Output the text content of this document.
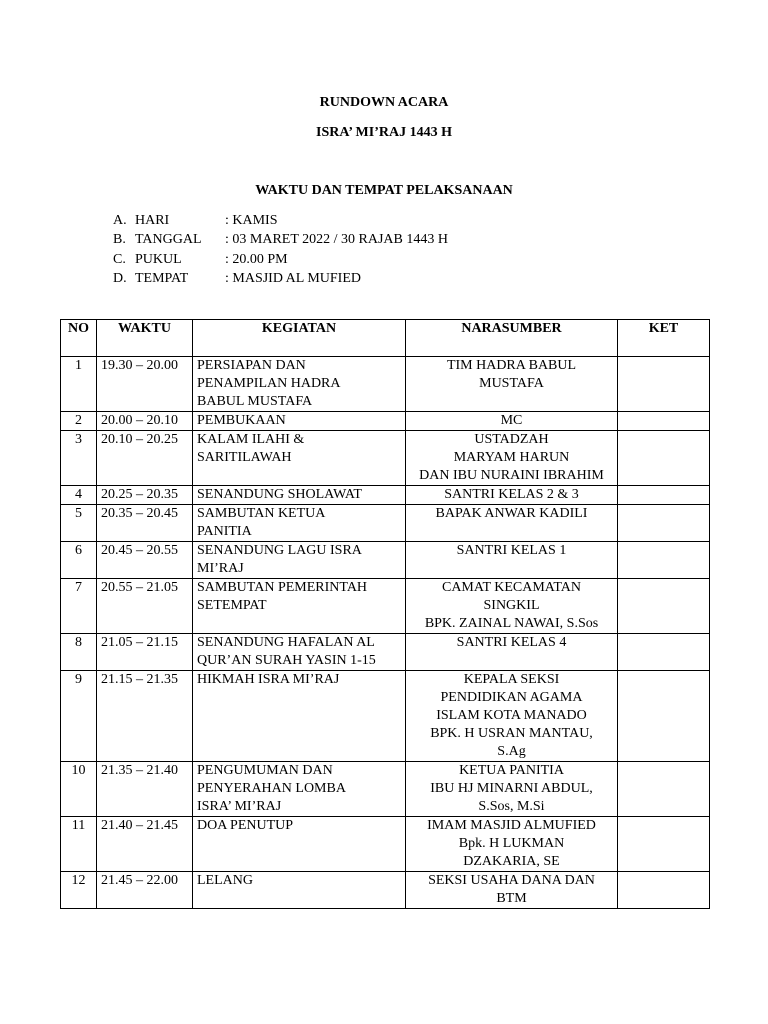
RUNDOWN ACARA
ISRA’ MI’RAJ 1443 H
WAKTU DAN TEMPAT PELAKSANAAN
A. HARI	: KAMIS
B. TANGGAL	: 03 MARET 2022 / 30 RAJAB 1443 H
C. PUKUL	: 20.00 PM
D. TEMPAT	: MASJID AL MUFIED
NO	WAKTU	KEGIATAN	NARASUMBER	KET
1	19.30 – 20.00	PERSIAPAN DAN
PENAMPILAN HADRA
BABUL MUSTAFA	TIM HADRA BABUL
MUSTAFA	
2	20.00 – 20.10	PEMBUKAAN	MC	
3	20.10 – 20.25	KALAM ILAHI &
SARITILAWAH	USTADZAH
MARYAM HARUN
DAN IBU NURAINI IBRAHIM	
4	20.25 – 20.35	SENANDUNG SHOLAWAT	SANTRI KELAS 2 & 3	
5	20.35 – 20.45	SAMBUTAN KETUA
PANITIA	BAPAK ANWAR KADILI	
6	20.45 – 20.55	SENANDUNG LAGU ISRA
MI’RAJ	SANTRI KELAS 1	
7	20.55 – 21.05	SAMBUTAN PEMERINTAH
SETEMPAT	CAMAT KECAMATAN
SINGKIL
BPK. ZAINAL NAWAI, S.Sos	
8	21.05 – 21.15	SENANDUNG HAFALAN AL
QUR’AN SURAH YASIN 1-15	SANTRI KELAS 4	
9	21.15 – 21.35	HIKMAH ISRA MI’RAJ	KEPALA SEKSI
PENDIDIKAN AGAMA
ISLAM KOTA MANADO
BPK. H USRAN MANTAU,
S.Ag	
10	21.35 – 21.40	PENGUMUMAN DAN
PENYERAHAN LOMBA
ISRA’ MI’RAJ	KETUA PANITIA
IBU HJ MINARNI ABDUL,
S.Sos, M.Si	
11	21.40 – 21.45	DOA PENUTUP	IMAM MASJID ALMUFIED
Bpk. H LUKMAN
DZAKARIA, SE	
12	21.45 – 22.00	LELANG	SEKSI USAHA DANA DAN
BTM	
